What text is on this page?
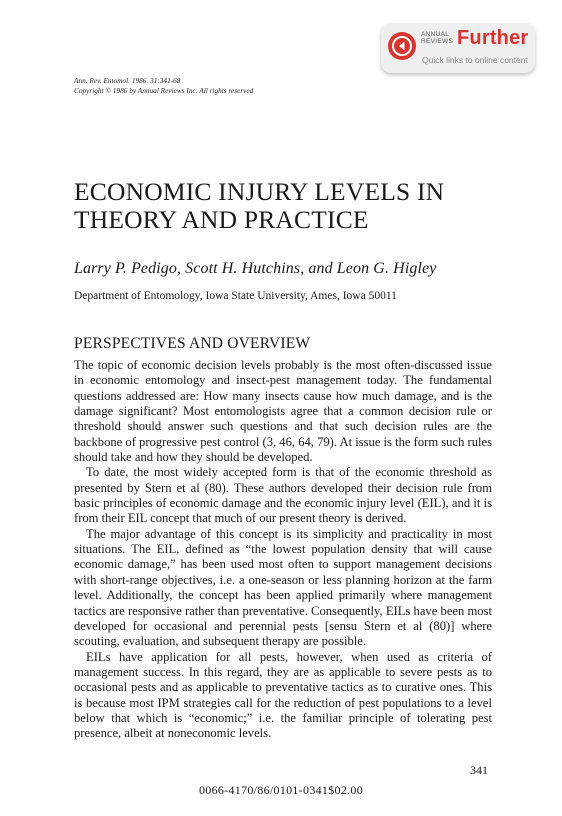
ANNUAL
REVIEWS Further
Quick links to online content
Ann. Rev. Entomol. 1986. 31:341-68
Copyright © 1986 by Annual Reviews Inc. All rights reserved
ECONOMIC INJURY LEVELS IN
THEORY AND PRACTICE
Larry P. Pedigo, Scott H. Hutchins, and Leon G. Higley
Department of Entomology, Iowa State University, Ames, Iowa 50011
PERSPECTIVES AND OVERVIEW

The topic of economic decision levels probably is the most often-discussed issue in economic entomology and insect-pest management today. The fundamental questions addressed are: How many insects cause how much damage, and is the damage significant? Most entomologists agree that a common decision rule or threshold should answer such questions and that such decision rules are the backbone of progressive pest control (3, 46, 64, 79). At issue is the form such rules should take and how they should be developed.

To date, the most widely accepted form is that of the economic threshold as presented by Stern et al (80). These authors developed their decision rule from basic principles of economic damage and the economic injury level (EIL), and it is from their EIL concept that much of our present theory is derived.

The major advantage of this concept is its simplicity and practicality in most situations. The EIL, defined as “the lowest population density that will cause economic damage,” has been used most often to support management decisions with short-range objectives, i.e. a one-season or less planning horizon at the farm level. Additionally, the concept has been applied primarily where management tactics are responsive rather than preventative. Consequently, EILs have been most developed for occasional and perennial pests [sensu Stern et al (80)] where scouting, evaluation, and subsequent therapy are possible.

EILs have application for all pests, however, when used as criteria of management success. In this regard, they are as applicable to severe pests as to occasional pests and as applicable to preventative tactics as to curative ones. This is because most IPM strategies call for the reduction of pest populations to a level below that which is “economic;” i.e. the familiar principle of tolerating pest presence, albeit at noneconomic levels.

341
0066-4170/86/0101-0341$02.00
